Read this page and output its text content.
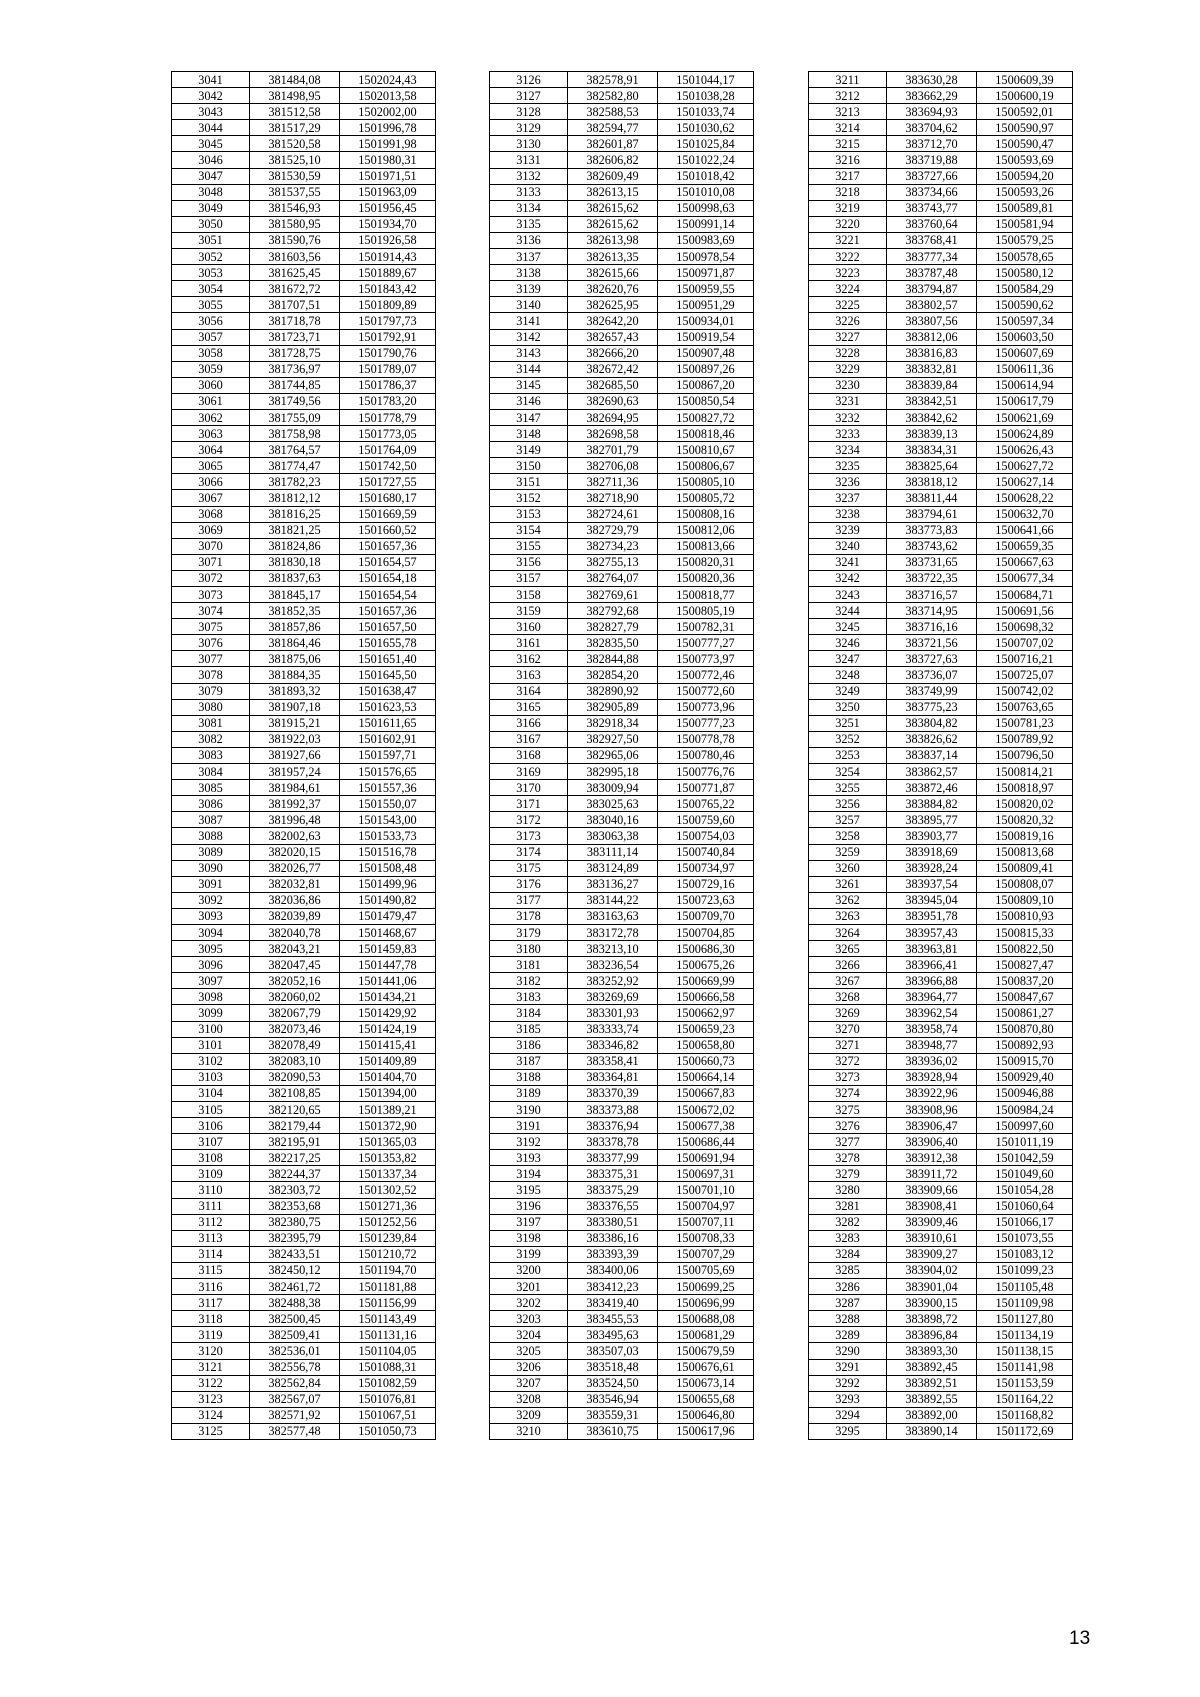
3041	381484,08	1502024,43
3042	381498,95	1502013,58
3043	381512,58	1502002,00
3044	381517,29	1501996,78
3045	381520,58	1501991,98
3046	381525,10	1501980,31
3047	381530,59	1501971,51
3048	381537,55	1501963,09
3049	381546,93	1501956,45
3050	381580,95	1501934,70
3051	381590,76	1501926,58
3052	381603,56	1501914,43
3053	381625,45	1501889,67
3054	381672,72	1501843,42
3055	381707,51	1501809,89
3056	381718,78	1501797,73
3057	381723,71	1501792,91
3058	381728,75	1501790,76
3059	381736,97	1501789,07
3060	381744,85	1501786,37
3061	381749,56	1501783,20
3062	381755,09	1501778,79
3063	381758,98	1501773,05
3064	381764,57	1501764,09
3065	381774,47	1501742,50
3066	381782,23	1501727,55
3067	381812,12	1501680,17
3068	381816,25	1501669,59
3069	381821,25	1501660,52
3070	381824,86	1501657,36
3071	381830,18	1501654,57
3072	381837,63	1501654,18
3073	381845,17	1501654,54
3074	381852,35	1501657,36
3075	381857,86	1501657,50
3076	381864,46	1501655,78
3077	381875,06	1501651,40
3078	381884,35	1501645,50
3079	381893,32	1501638,47
3080	381907,18	1501623,53
3081	381915,21	1501611,65
3082	381922,03	1501602,91
3083	381927,66	1501597,71
3084	381957,24	1501576,65
3085	381984,61	1501557,36
3086	381992,37	1501550,07
3087	381996,48	1501543,00
3088	382002,63	1501533,73
3089	382020,15	1501516,78
3090	382026,77	1501508,48
3091	382032,81	1501499,96
3092	382036,86	1501490,82
3093	382039,89	1501479,47
3094	382040,78	1501468,67
3095	382043,21	1501459,83
3096	382047,45	1501447,78
3097	382052,16	1501441,06
3098	382060,02	1501434,21
3099	382067,79	1501429,92
3100	382073,46	1501424,19
3101	382078,49	1501415,41
3102	382083,10	1501409,89
3103	382090,53	1501404,70
3104	382108,85	1501394,00
3105	382120,65	1501389,21
3106	382179,44	1501372,90
3107	382195,91	1501365,03
3108	382217,25	1501353,82
3109	382244,37	1501337,34
3110	382303,72	1501302,52
3111	382353,68	1501271,36
3112	382380,75	1501252,56
3113	382395,79	1501239,84
3114	382433,51	1501210,72
3115	382450,12	1501194,70
3116	382461,72	1501181,88
3117	382488,38	1501156,99
3118	382500,45	1501143,49
3119	382509,41	1501131,16
3120	382536,01	1501104,05
3121	382556,78	1501088,31
3122	382562,84	1501082,59
3123	382567,07	1501076,81
3124	382571,92	1501067,51
3125	382577,48	1501050,73
3126	382578,91	1501044,17
3127	382582,80	1501038,28
3128	382588,53	1501033,74
3129	382594,77	1501030,62
3130	382601,87	1501025,84
3131	382606,82	1501022,24
3132	382609,49	1501018,42
3133	382613,15	1501010,08
3134	382615,62	1500998,63
3135	382615,62	1500991,14
3136	382613,98	1500983,69
3137	382613,35	1500978,54
3138	382615,66	1500971,87
3139	382620,76	1500959,55
3140	382625,95	1500951,29
3141	382642,20	1500934,01
3142	382657,43	1500919,54
3143	382666,20	1500907,48
3144	382672,42	1500897,26
3145	382685,50	1500867,20
3146	382690,63	1500850,54
3147	382694,95	1500827,72
3148	382698,58	1500818,46
3149	382701,79	1500810,67
3150	382706,08	1500806,67
3151	382711,36	1500805,10
3152	382718,90	1500805,72
3153	382724,61	1500808,16
3154	382729,79	1500812,06
3155	382734,23	1500813,66
3156	382755,13	1500820,31
3157	382764,07	1500820,36
3158	382769,61	1500818,77
3159	382792,68	1500805,19
3160	382827,79	1500782,31
3161	382835,50	1500777,27
3162	382844,88	1500773,97
3163	382854,20	1500772,46
3164	382890,92	1500772,60
3165	382905,89	1500773,96
3166	382918,34	1500777,23
3167	382927,50	1500778,78
3168	382965,06	1500780,46
3169	382995,18	1500776,76
3170	383009,94	1500771,87
3171	383025,63	1500765,22
3172	383040,16	1500759,60
3173	383063,38	1500754,03
3174	383111,14	1500740,84
3175	383124,89	1500734,97
3176	383136,27	1500729,16
3177	383144,22	1500723,63
3178	383163,63	1500709,70
3179	383172,78	1500704,85
3180	383213,10	1500686,30
3181	383236,54	1500675,26
3182	383252,92	1500669,99
3183	383269,69	1500666,58
3184	383301,93	1500662,97
3185	383333,74	1500659,23
3186	383346,82	1500658,80
3187	383358,41	1500660,73
3188	383364,81	1500664,14
3189	383370,39	1500667,83
3190	383373,88	1500672,02
3191	383376,94	1500677,38
3192	383378,78	1500686,44
3193	383377,99	1500691,94
3194	383375,31	1500697,31
3195	383375,29	1500701,10
3196	383376,55	1500704,97
3197	383380,51	1500707,11
3198	383386,16	1500708,33
3199	383393,39	1500707,29
3200	383400,06	1500705,69
3201	383412,23	1500699,25
3202	383419,40	1500696,99
3203	383455,53	1500688,08
3204	383495,63	1500681,29
3205	383507,03	1500679,59
3206	383518,48	1500676,61
3207	383524,50	1500673,14
3208	383546,94	1500655,68
3209	383559,31	1500646,80
3210	383610,75	1500617,96
3211	383630,28	1500609,39
3212	383662,29	1500600,19
3213	383694,93	1500592,01
3214	383704,62	1500590,97
3215	383712,70	1500590,47
3216	383719,88	1500593,69
3217	383727,66	1500594,20
3218	383734,66	1500593,26
3219	383743,77	1500589,81
3220	383760,64	1500581,94
3221	383768,41	1500579,25
3222	383777,34	1500578,65
3223	383787,48	1500580,12
3224	383794,87	1500584,29
3225	383802,57	1500590,62
3226	383807,56	1500597,34
3227	383812,06	1500603,50
3228	383816,83	1500607,69
3229	383832,81	1500611,36
3230	383839,84	1500614,94
3231	383842,51	1500617,79
3232	383842,62	1500621,69
3233	383839,13	1500624,89
3234	383834,31	1500626,43
3235	383825,64	1500627,72
3236	383818,12	1500627,14
3237	383811,44	1500628,22
3238	383794,61	1500632,70
3239	383773,83	1500641,66
3240	383743,62	1500659,35
3241	383731,65	1500667,63
3242	383722,35	1500677,34
3243	383716,57	1500684,71
3244	383714,95	1500691,56
3245	383716,16	1500698,32
3246	383721,56	1500707,02
3247	383727,63	1500716,21
3248	383736,07	1500725,07
3249	383749,99	1500742,02
3250	383775,23	1500763,65
3251	383804,82	1500781,23
3252	383826,62	1500789,92
3253	383837,14	1500796,50
3254	383862,57	1500814,21
3255	383872,46	1500818,97
3256	383884,82	1500820,02
3257	383895,77	1500820,32
3258	383903,77	1500819,16
3259	383918,69	1500813,68
3260	383928,24	1500809,41
3261	383937,54	1500808,07
3262	383945,04	1500809,10
3263	383951,78	1500810,93
3264	383957,43	1500815,33
3265	383963,81	1500822,50
3266	383966,41	1500827,47
3267	383966,88	1500837,20
3268	383964,77	1500847,67
3269	383962,54	1500861,27
3270	383958,74	1500870,80
3271	383948,77	1500892,93
3272	383936,02	1500915,70
3273	383928,94	1500929,40
3274	383922,96	1500946,88
3275	383908,96	1500984,24
3276	383906,47	1500997,60
3277	383906,40	1501011,19
3278	383912,38	1501042,59
3279	383911,72	1501049,60
3280	383909,66	1501054,28
3281	383908,41	1501060,64
3282	383909,46	1501066,17
3283	383910,61	1501073,55
3284	383909,27	1501083,12
3285	383904,02	1501099,23
3286	383901,04	1501105,48
3287	383900,15	1501109,98
3288	383898,72	1501127,80
3289	383896,84	1501134,19
3290	383893,30	1501138,15
3291	383892,45	1501141,98
3292	383892,51	1501153,59
3293	383892,55	1501164,22
3294	383892,00	1501168,82
3295	383890,14	1501172,69
13
